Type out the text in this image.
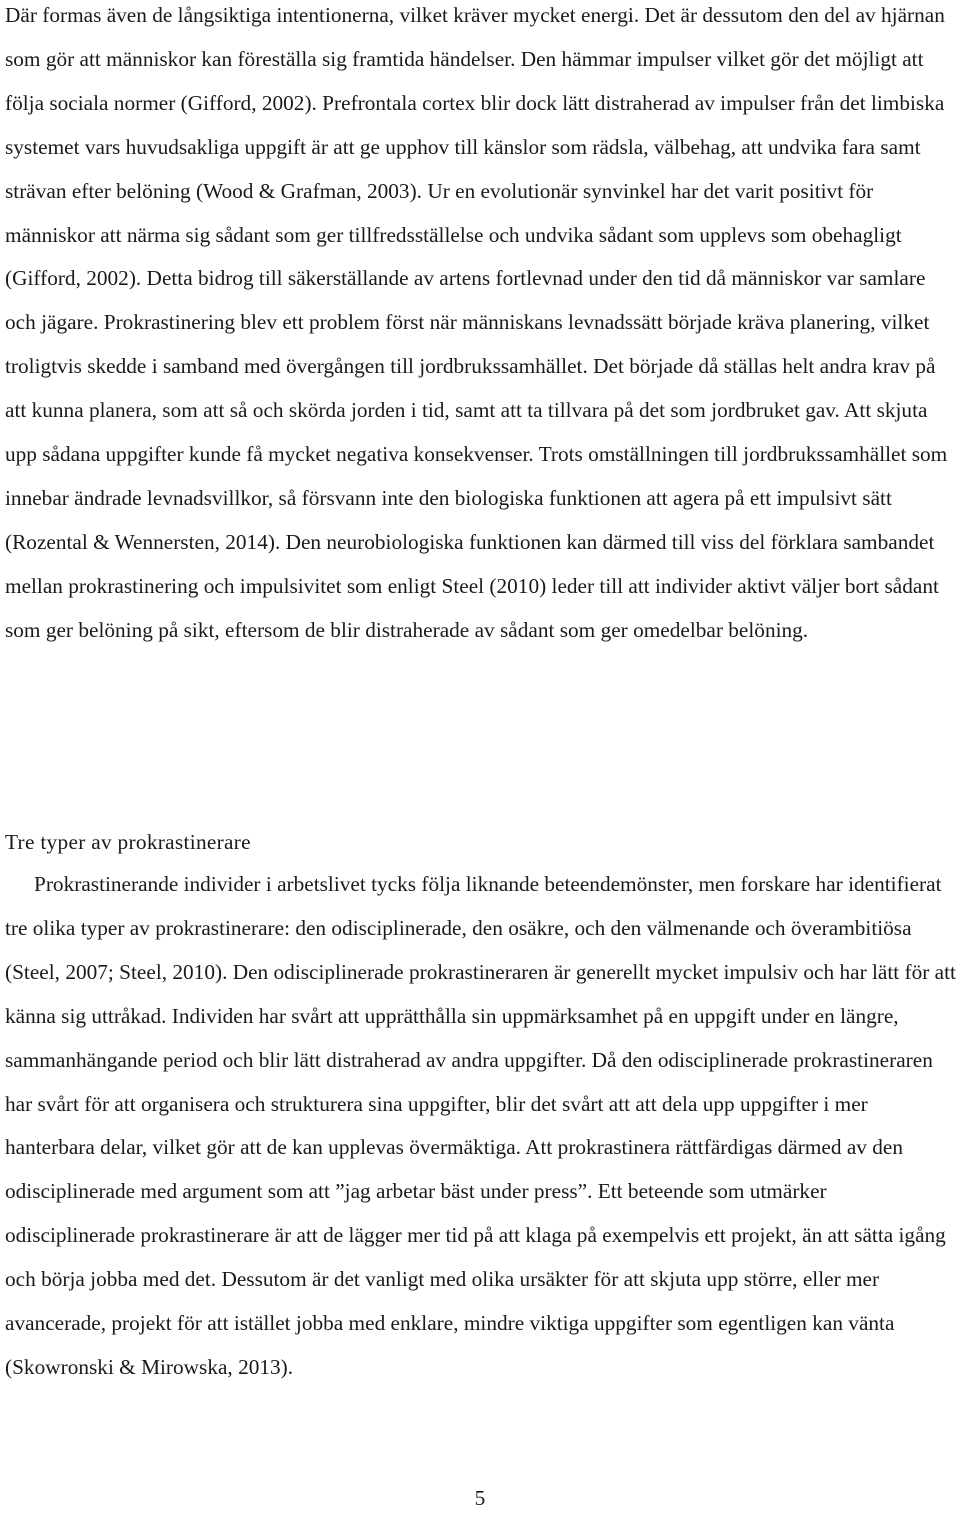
Där formas även de långsiktiga intentionerna, vilket kräver mycket energi. Det är dessutom den del av hjärnan som gör att människor kan föreställa sig framtida händelser. Den hämmar impulser vilket gör det möjligt att följa sociala normer (Gifford, 2002). Prefrontala cortex blir dock lätt distraherad av impulser från det limbiska systemet vars huvudsakliga uppgift är att ge upphov till känslor som rädsla, välbehag, att undvika fara samt strävan efter belöning (Wood & Grafman, 2003). Ur en evolutionär synvinkel har det varit positivt för människor att närma sig sådant som ger tillfredsställelse och undvika sådant som upplevs som obehagligt (Gifford, 2002). Detta bidrog till säkerställande av artens fortlevnad under den tid då människor var samlare och jägare. Prokrastinering blev ett problem först när människans levnadssätt började kräva planering, vilket troligtvis skedde i samband med övergången till jordbrukssamhället. Det började då ställas helt andra krav på att kunna planera, som att så och skörda jorden i tid, samt att ta tillvara på det som jordbruket gav. Att skjuta upp sådana uppgifter kunde få mycket negativa konsekvenser. Trots omställningen till jordbrukssamhället som innebar ändrade levnadsvillkor, så försvann inte den biologiska funktionen att agera på ett impulsivt sätt (Rozental & Wennersten, 2014). Den neurobiologiska funktionen kan därmed till viss del förklara sambandet mellan prokrastinering och impulsivitet som enligt Steel (2010) leder till att individer aktivt väljer bort sådant som ger belöning på sikt, eftersom de blir distraherade av sådant som ger omedelbar belöning.
Tre typer av prokrastinerare
Prokrastinerande individer i arbetslivet tycks följa liknande beteendemönster, men forskare har identifierat tre olika typer av prokrastinerare: den odisciplinerade, den osäkre, och den välmenande och överambitiösa (Steel, 2007; Steel, 2010). Den odisciplinerade prokrastineraren är generellt mycket impulsiv och har lätt för att känna sig uttråkad. Individen har svårt att upprätthålla sin uppmärksamhet på en uppgift under en längre, sammanhängande period och blir lätt distraherad av andra uppgifter. Då den odisciplinerade prokrastineraren har svårt för att organisera och strukturera sina uppgifter, blir det svårt att att dela upp uppgifter i mer hanterbara delar, vilket gör att de kan upplevas övermäktiga. Att prokrastinera rättfärdigas därmed av den odisciplinerade med argument som att ”jag arbetar bäst under press”. Ett beteende som utmärker odisciplinerade prokrastinerare är att de lägger mer tid på att klaga på exempelvis ett projekt, än att sätta igång och börja jobba med det. Dessutom är det vanligt med olika ursäkter för att skjuta upp större, eller mer avancerade, projekt för att istället jobba med enklare, mindre viktiga uppgifter som egentligen kan vänta (Skowronski & Mirowska, 2013).
5
